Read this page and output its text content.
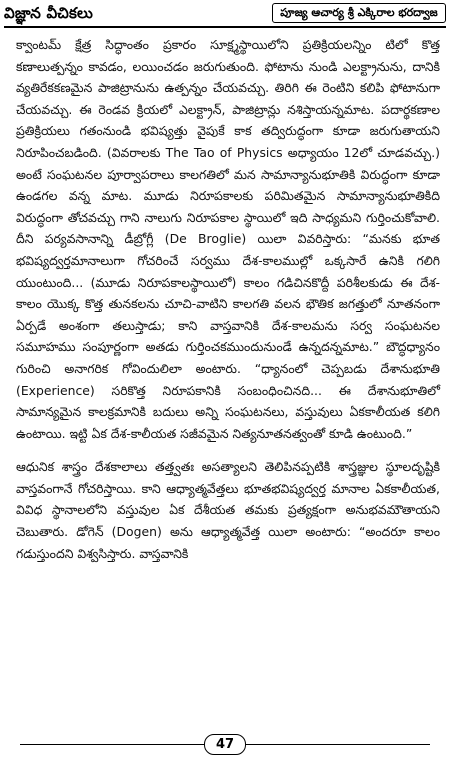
విజ్ఞాన వీచికలు	పూజ్య ఆచార్య శ్రీ ఎక్కిరాల భరద్వాజ

క్వాంటమ్ క్షేత్ర సిద్ధాంతం ప్రకారం సూక్ష్మస్థాయిలోని ప్రతిక్రియలన్నిం టిలో కొత్త కణాలుత్పన్నం కావడం, లయించడం జరుగుతుంది. ఫోటాను నుండి ఎలక్ట్రానును, దానికి వ్యతిరేకకణమైన పాజిట్రానును ఉత్పన్నం చేయవచ్చు. తిరిగి ఈ రెంటిని కలిపి ఫోటానుగా చేయవచ్చు. ఈ రెండవ క్రియలో ఎలక్ట్రాన్, పాజిట్రాన్లు నశిస్తాయన్నమాట. పదార్థకణాల ప్రతిక్రియలు గతంనుండి భవిష్యత్తు వైపుకే కాక తద్విరుద్ధంగా కూడా జరుగుతాయని నిరూపించబడింది. (వివరాలకు The Tao of Physics అధ్యాయం 12లో చూడవచ్చు.) అంటే సంఘటనల పూర్వాపరాలు కాలగతిలో మన సామాన్యానుభూతికి విరుద్ధంగా కూడా ఉండగల వన్న మాట. మూడు నిరూపకాలకు పరిమితమైన సామాన్యానుభూతికిది విరుద్ధంగా తోచవచ్చు గాని నాలుగు నిరూపకాల స్థాయిలో ఇది సాధ్యమని గుర్తించుకోవాలి. దీని పర్యవసానాన్ని డీబ్రోగ్లీ (De Broglie) యిలా వివరిస్తారు: “మనకు భూత భవిష్యద్వర్తమానాలుగా గోచరించే సర్వము దేశ-కాలముల్లో ఒక్కసారే ఉనికి గలిగి యుంటుంది... (మూడు నిరూపకాలస్థాయిలో) కాలం గడిచినకొద్దీ పరిశీలకుడు ఈ దేశ-కాలం యొక్క కొత్త తునకలను చూచి-వాటిని కాలగతి వలన భౌతిక జగత్తులో నూతనంగా ఏర్పడే అంశంగా తలుస్తాడు; కాని వాస్తవానికి దేశ-కాలమను సర్వ సంఘటనల సమూహము సంపూర్ణంగా అతడు గుర్తించకముందునుండే ఉన్నదన్నమాట.” బౌద్ధధ్యానం గురించి అనాగరిక గోవిందులిలా అంటారు. “ధ్యానంలో చెప్పబడు దేశానుభూతి (Experience) సరికొత్త నిరూపకానికి సంబంధించినది... ఈ దేశానుభూతిలో సామాన్యమైన కాలక్రమానికి బదులు అన్ని సంఘటనలు, వస్తువులు ఏకకాలీయత కలిగి ఉంటాయి. ఇట్టి ఏక దేశ-కాలీయత సజీవమైన నిత్యనూతనత్వంతో కూడి ఉంటుంది.”

ఆధునిక శాస్త్రం దేశకాలాలు తత్త్వతః అసత్యాలని తెలిపినప్పటికి శాస్త్రజ్ఞుల స్థూలదృష్టికి వాస్తవంగానే గోచరిస్తాయి. కాని ఆధ్యాత్మవేత్తలు భూతభవిష్యద్వర్త మానాల ఏకకాలీయత, వివిధ స్థానాలలోని వస్తువుల ఏక దేశీయత తమకు ప్రత్యక్షంగా అనుభవమౌతాయని చెబుతారు. డోగెన్ (Dogen) అను ఆధ్యాత్మవేత్త యిలా అంటారు: “అందరూ కాలం గడుస్తుందని విశ్వసిస్తారు. వాస్తవానికి

47
